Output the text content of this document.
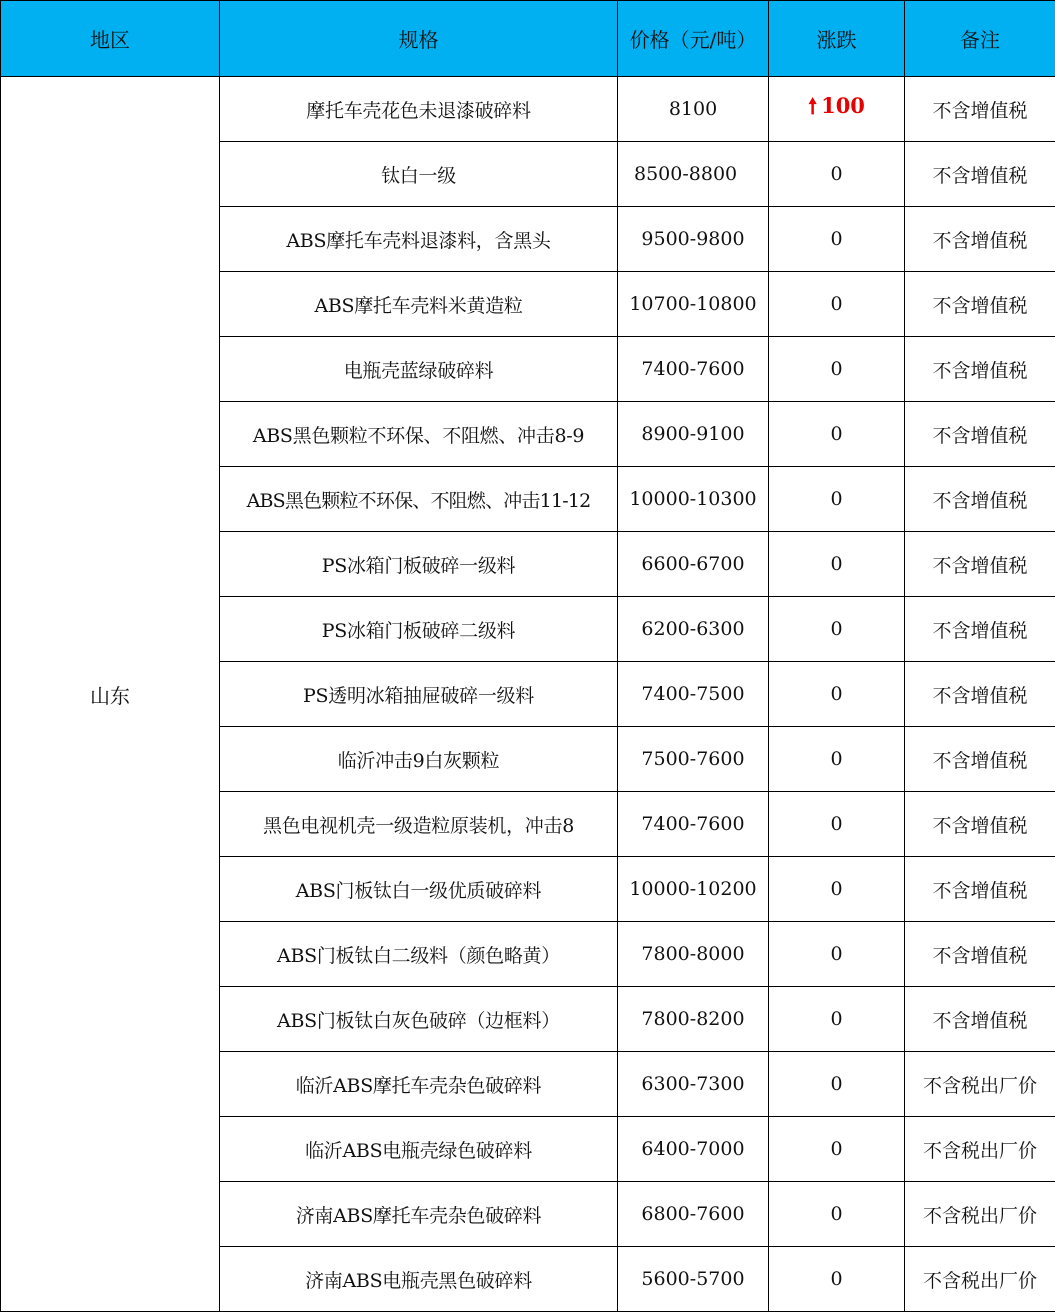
地区	规格	价格（元/吨）	涨跌	备注
山东	摩托车壳花色未退漆破碎料	8100	🠕 100	不含增值税
	钛白一级	8500-8800	0	不含增值税
	ABS摩托车壳料退漆料，含黑头	9500-9800	0	不含增值税
	ABS摩托车壳料米黄造粒	10700-10800	0	不含增值税
	电瓶壳蓝绿破碎料	7400-7600	0	不含增值税
	ABS黑色颗粒不环保、不阻燃、冲击8-9	8900-9100	0	不含增值税
	ABS黑色颗粒不环保、不阻燃、冲击11-12	10000-10300	0	不含增值税
	PS冰箱门板破碎一级料	6600-6700	0	不含增值税
	PS冰箱门板破碎二级料	6200-6300	0	不含增值税
	PS透明冰箱抽屉破碎一级料	7400-7500	0	不含增值税
	临沂冲击9白灰颗粒	7500-7600	0	不含增值税
	黑色电视机壳一级造粒原装机，冲击8	7400-7600	0	不含增值税
	ABS门板钛白一级优质破碎料	10000-10200	0	不含增值税
	ABS门板钛白二级料（颜色略黄）	7800-8000	0	不含增值税
	ABS门板钛白灰色破碎（边框料）	7800-8200	0	不含增值税
	临沂ABS摩托车壳杂色破碎料	6300-7300	0	不含税出厂价
	临沂ABS电瓶壳绿色破碎料	6400-7000	0	不含税出厂价
	济南ABS摩托车壳杂色破碎料	6800-7600	0	不含税出厂价
	济南ABS电瓶壳黑色破碎料	5600-5700	0	不含税出厂价
